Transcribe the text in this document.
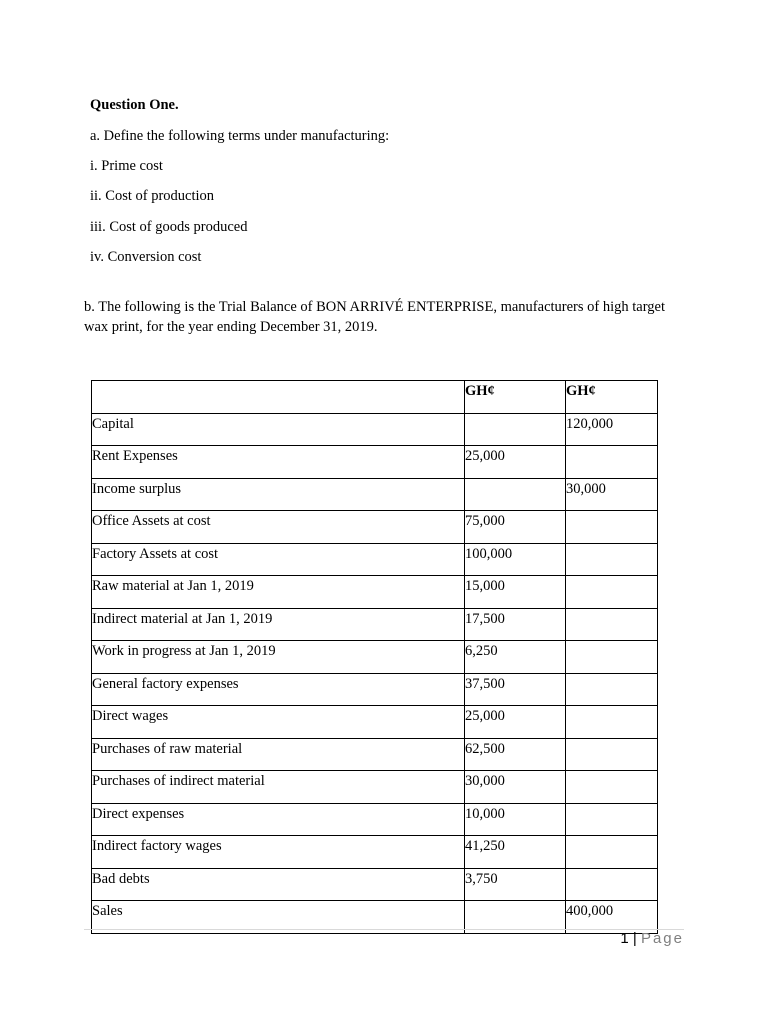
Question One.
a. Define the following terms under manufacturing:
i. Prime cost
ii. Cost of production
iii. Cost of goods produced
iv. Conversion cost
b. The following is the Trial Balance of BON ARRIVÉ ENTERPRISE, manufacturers of high target wax print, for the year ending December 31, 2019.
	GH¢	GH¢
Capital		120,000
Rent Expenses	25,000	
Income surplus		30,000
Office Assets at cost	75,000	
Factory Assets at cost	100,000	
Raw material at Jan 1, 2019	15,000	
Indirect material at Jan 1, 2019	17,500	
Work in progress at Jan 1, 2019	6,250	
General factory expenses	37,500	
Direct wages	25,000	
Purchases of raw material	62,500	
Purchases of indirect material	30,000	
Direct expenses	10,000	
Indirect factory wages	41,250	
Bad debts	3,750	
Sales		400,000
1 | Page
